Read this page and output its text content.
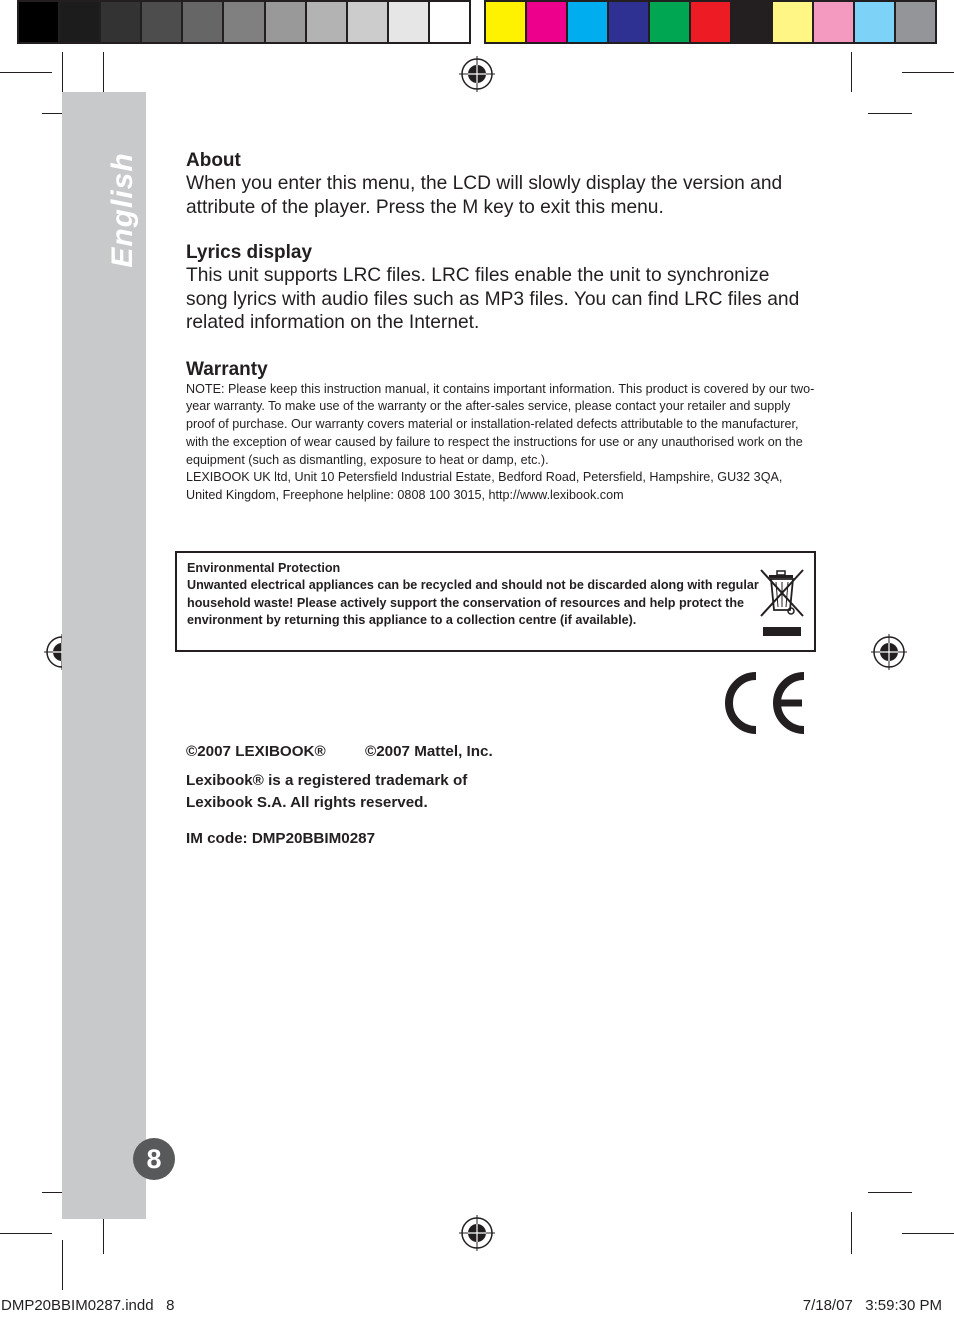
English
8
About

When you enter this menu, the LCD will slowly display the version and attribute of the player. Press the M key to exit this menu.

Lyrics display

This unit supports LRC files. LRC files enable the unit to synchronize song lyrics with audio files such as MP3 files. You can find LRC files and related information on the Internet.

Warranty

NOTE: Please keep this instruction manual, it contains important information. This product is covered by our two-year warranty. To make use of the warranty or the after-sales service, please contact your retailer and supply proof of purchase. Our warranty covers material or installation-related defects attributable to the manufacturer, with the exception of wear caused by failure to respect the instructions for use or any unauthorised work on the equipment (such as dismantling, exposure to heat or damp, etc.).

LEXIBOOK UK ltd, Unit 10 Petersfield Industrial Estate, Bedford Road, Petersfield, Hampshire, GU32 3QA, United Kingdom, Freephone helpline: 0808 100 3015, http://www.lexibook.com

Environmental Protection
Unwanted electrical appliances can be recycled and should not be discarded along with regular household waste! Please actively support the conservation of resources and help protect the environment by returning this appliance to a collection centre (if available).
©2007 LEXIBOOK®	©2007 Mattel, Inc.
Lexibook® is a registered trademark of
Lexibook S.A. All rights reserved.
IM code: DMP20BBIM0287
DMP20BBIM0287.indd   8	7/18/07   3:59:30 PM
